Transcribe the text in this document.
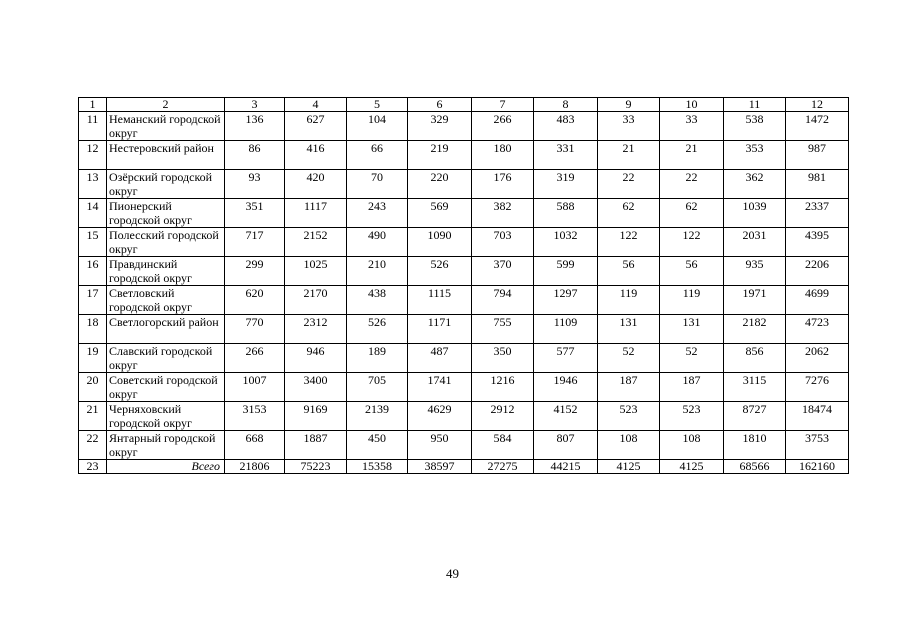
1	2	3	4	5	6	7	8	9	10	11	12
11	Неманский городской округ	136	627	104	329	266	483	33	33	538	1472
12	Нестеровский район	86	416	66	219	180	331	21	21	353	987
13	Озёрский городской округ	93	420	70	220	176	319	22	22	362	981
14	Пионерский городской округ	351	1117	243	569	382	588	62	62	1039	2337
15	Полесский городской округ	717	2152	490	1090	703	1032	122	122	2031	4395
16	Правдинский городской округ	299	1025	210	526	370	599	56	56	935	2206
17	Светловский городской округ	620	2170	438	1115	794	1297	119	119	1971	4699
18	Светлогорский район	770	2312	526	1171	755	1109	131	131	2182	4723
19	Славский городской округ	266	946	189	487	350	577	52	52	856	2062
20	Советский городской округ	1007	3400	705	1741	1216	1946	187	187	3115	7276
21	Черняховский городской округ	3153	9169	2139	4629	2912	4152	523	523	8727	18474
22	Янтарный городской округ	668	1887	450	950	584	807	108	108	1810	3753
23	Всего	21806	75223	15358	38597	27275	44215	4125	4125	68566	162160
49
